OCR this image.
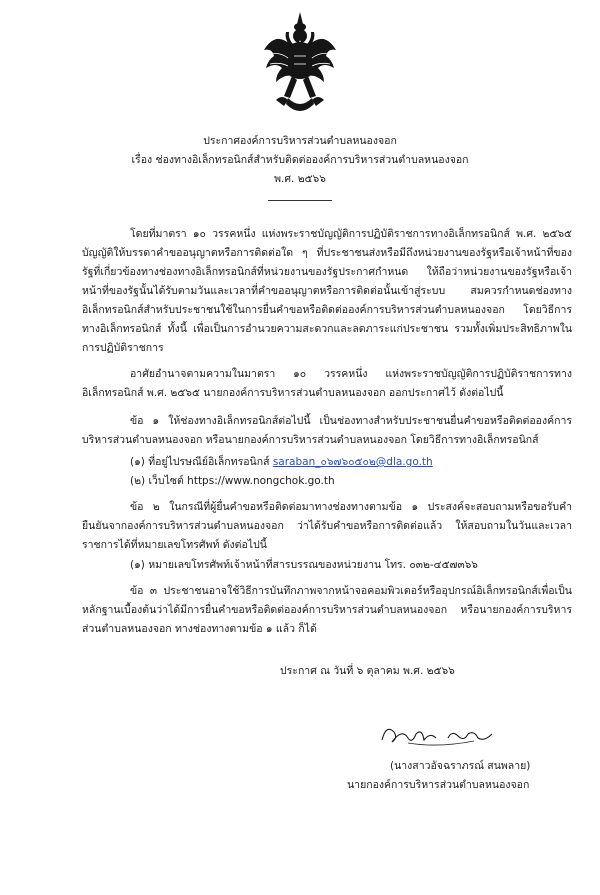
ประกาศองค์การบริหารส่วนตำบลหนองจอก
เรื่อง ช่องทางอิเล็กทรอนิกส์สำหรับติดต่อองค์การบริหารส่วนตำบลหนองจอก
พ.ศ. ๒๕๖๖
โดยที่มาตรา ๑๐ วรรคหนึ่ง แห่งพระราชบัญญัติการปฏิบัติราชการทางอิเล็กทรอนิกส์ พ.ศ. ๒๕๖๕ บัญญัติให้บรรดาคำขออนุญาตหรือการติดต่อใด ๆ ที่ประชาชนส่งหรือมีถึงหน่วยงานของรัฐหรือเจ้าหน้าที่ของรัฐที่เกี่ยวข้องทางช่องทางอิเล็กทรอนิกส์ที่หน่วยงานของรัฐประกาศกำหนด ให้ถือว่าหน่วยงานของรัฐหรือเจ้าหน้าที่ของรัฐนั้นได้รับตามวันและเวลาที่คำขออนุญาตหรือการติดต่อนั้นเข้าสู่ระบบ สมควรกำหนดช่องทางอิเล็กทรอนิกส์สำหรับประชาชนใช้ในการยื่นคำขอหรือติดต่อองค์การบริหารส่วนตำบลหนองจอก โดยวิธีการทางอิเล็กทรอนิกส์ ทั้งนี้ เพื่อเป็นการอำนวยความสะดวกและลดภาระแก่ประชาชน รวมทั้งเพิ่มประสิทธิภาพในการปฏิบัติราชการ
อาศัยอำนาจตามความในมาตรา ๑๐ วรรคหนึ่ง แห่งพระราชบัญญัติการปฏิบัติราชการทางอิเล็กทรอนิกส์ พ.ศ. ๒๕๖๕ นายกองค์การบริหารส่วนตำบลหนองจอก ออกประกาศไว้ ดังต่อไปนี้
ข้อ ๑ ให้ช่องทางอิเล็กทรอนิกส์ต่อไปนี้ เป็นช่องทางสำหรับประชาชนยื่นคำขอหรือติดต่อองค์การบริหารส่วนตำบลหนองจอก หรือนายกองค์การบริหารส่วนตำบลหนองจอก โดยวิธีการทางอิเล็กทรอนิกส์
(๑) ที่อยู่ไปรษณีย์อิเล็กทรอนิกส์ saraban_๐๖๗๖๐๕๐๒@dla.go.th
(๒) เว็บไซต์ https://www.nongchok.go.th
ข้อ ๒ ในกรณีที่ผู้ยื่นคำขอหรือติดต่อมาทางช่องทางตามข้อ ๑ ประสงค์จะสอบถามหรือขอรับคำยืนยันจากองค์การบริหารส่วนตำบลหนองจอก ว่าได้รับคำขอหรือการติดต่อแล้ว ให้สอบถามในวันและเวลาราชการได้ที่หมายเลขโทรศัพท์ ดังต่อไปนี้
(๑) หมายเลขโทรศัพท์เจ้าหน้าที่สารบรรณของหน่วยงาน โทร. ๐๓๒-๔๕๗๓๖๖
ข้อ ๓ ประชาชนอาจใช้วิธีการบันทึกภาพจากหน้าจอคอมพิวเตอร์หรืออุปกรณ์อิเล็กทรอนิกส์เพื่อเป็นหลักฐานเบื้องต้นว่าได้มีการยื่นคำขอหรือติดต่อองค์การบริหารส่วนตำบลหนองจอก หรือนายกองค์การบริหารส่วนตำบลหนองจอก ทางช่องทางตามข้อ ๑ แล้ว ก็ได้
ประกาศ ณ วันที่ ๖ ตุลาคม พ.ศ. ๒๕๖๖
(นางสาวอัจฉราภรณ์ สนพลาย)
นายกองค์การบริหารส่วนตำบลหนองจอก
